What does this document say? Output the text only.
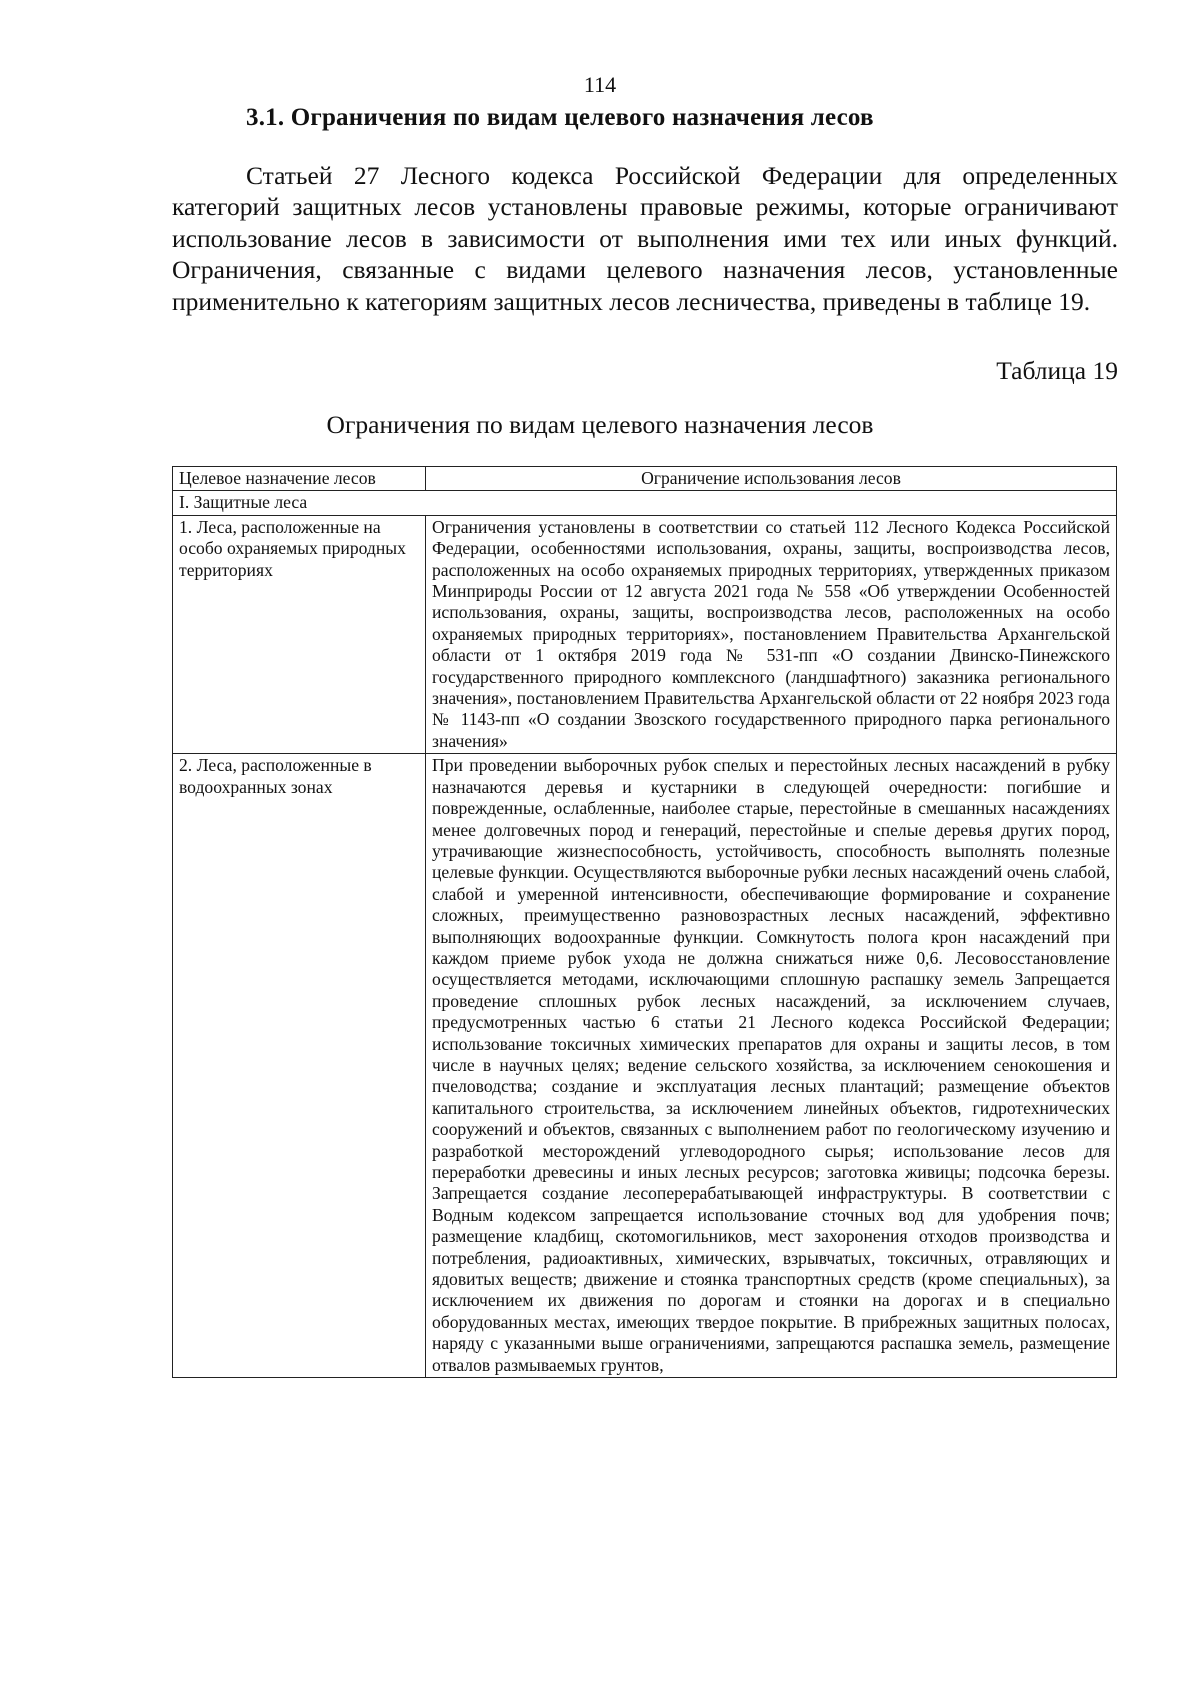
114
3.1. Ограничения по видам целевого назначения лесов

Статьей 27 Лесного кодекса Российской Федерации для определенных категорий защитных лесов установлены правовые режимы, которые ограничивают использование лесов в зависимости от выполнения ими тех или иных функций. Ограничения, связанные с видами целевого назначения лесов, установленные применительно к категориям защитных лесов лесничества, приведены в таблице 19.

Таблица 19
Ограничения по видам целевого назначения лесов
Целевое назначение лесов	Ограничение использования лесов
I. Защитные леса	
1. Леса, расположенные на особо охраняемых природных территориях	Ограничения установлены в соответствии со статьей 112 Лесного Кодекса Российской Федерации, особенностями использования, охраны, защиты, воспроизводства лесов, расположенных на особо охраняемых природных территориях, утвержденных приказом Минприроды России от 12 августа 2021 года № 558 «Об утверждении Особенностей использования, охраны, защиты, воспроизводства лесов, расположенных на особо охраняемых природных территориях», постановлением Правительства Архангельской области от 1 октября 2019 года № 531-пп «О создании Двинско-Пинежского государственного природного комплексного (ландшафтного) заказника регионального значения», постановлением Правительства Архангельской области от 22 ноября 2023 года № 1143-пп «О создании Звозского государственного природного парка регионального значения»
2. Леса, расположенные в водоохранных зонах	При проведении выборочных рубок спелых и перестойных лесных насаждений в рубку назначаются деревья и кустарники в следующей очередности: погибшие и поврежденные, ослабленные, наиболее старые, перестойные в смешанных насаждениях менее долговечных пород и генераций, перестойные и спелые деревья других пород, утрачивающие жизнеспособность, устойчивость, способность выполнять полезные целевые функции. Осуществляются выборочные рубки лесных насаждений очень слабой, слабой и умеренной интенсивности, обеспечивающие формирование и сохранение сложных, преимущественно разновозрастных лесных насаждений, эффективно выполняющих водоохранные функции. Сомкнутость полога крон насаждений при каждом приеме рубок ухода не должна снижаться ниже 0,6. Лесовосстановление осуществляется методами, исключающими сплошную распашку земель Запрещается проведение сплошных рубок лесных насаждений, за исключением случаев, предусмотренных частью 6 статьи 21 Лесного кодекса Российской Федерации; использование токсичных химических препаратов для охраны и защиты лесов, в том числе в научных целях; ведение сельского хозяйства, за исключением сенокошения и пчеловодства; создание и эксплуатация лесных плантаций; размещение объектов капитального строительства, за исключением линейных объектов, гидротехнических сооружений и объектов, связанных с выполнением работ по геологическому изучению и разработкой месторождений углеводородного сырья; использование лесов для переработки древесины и иных лесных ресурсов; заготовка живицы; подсочка березы. Запрещается создание лесоперерабатывающей инфраструктуры. В соответствии с Водным кодексом запрещается использование сточных вод для удобрения почв; размещение кладбищ, скотомогильников, мест захоронения отходов производства и потребления, радиоактивных, химических, взрывчатых, токсичных, отравляющих и ядовитых веществ; движение и стоянка транспортных средств (кроме специальных), за исключением их движения по дорогам и стоянки на дорогах и в специально оборудованных местах, имеющих твердое покрытие. В прибрежных защитных полосах, наряду с указанными выше ограничениями, запрещаются распашка земель, размещение отвалов размываемых грунтов,
